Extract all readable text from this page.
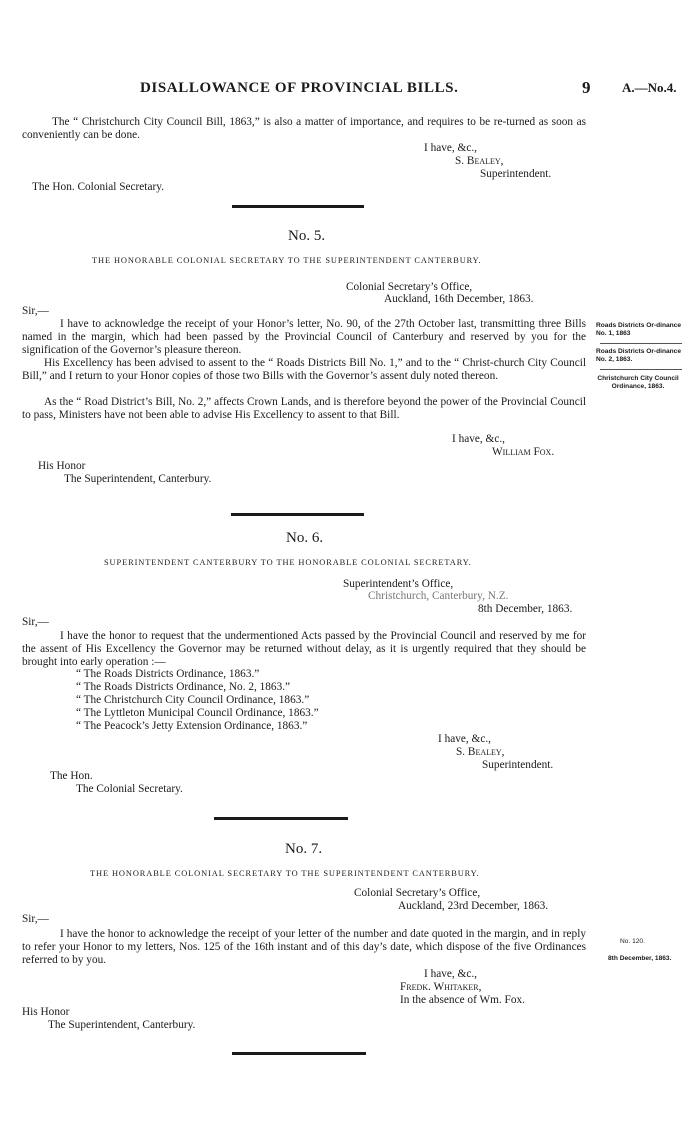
DISALLOWANCE OF PROVINCIAL BILLS.	9 A.—No.4.
The “ Christchurch City Council Bill, 1863,” is also a matter of importance, and requires to be re-turned as soon as conveniently can be done.
I have, &c.,
S. Bealey,
Superintendent.
The Hon. Colonial Secretary.
No. 5.
THE HONORABLE COLONIAL SECRETARY TO THE SUPERINTENDENT CANTERBURY.
Colonial Secretary’s Office,
Auckland, 16th December, 1863.
Sir,—
I have to acknowledge the receipt of your Honor’s letter, No. 90, of the 27th October last, transmitting three Bills named in the margin, which had been passed by the Provincial Council of Canterbury and reserved by you for the signification of the Governor’s pleasure thereon.
His Excellency has been advised to assent to the “ Roads Districts Bill No. 1,” and to the “ Christ-church City Council Bill,” and I return to your Honor copies of those two Bills with the Governor’s assent duly noted thereon.
As the “ Road District’s Bill, No. 2,” affects Crown Lands, and is therefore beyond the power of the Provincial Council to pass, Ministers have not been able to advise His Excellency to assent to that Bill.
I have, &c.,
William Fox.
His Honor
The Superintendent, Canterbury.
Roads Districts Or-dinance No. 1, 1863
Roads Districts Or-dinance No. 2, 1863.
Christchurch City Council Ordinance, 1863.
No. 6.
SUPERINTENDENT CANTERBURY TO THE HONORABLE COLONIAL SECRETARY.
Superintendent’s Office,
Christchurch, Canterbury, N.Z.
8th December, 1863.
Sir,—
I have the honor to request that the undermentioned Acts passed by the Provincial Council and reserved by me for the assent of His Excellency the Governor may be returned without delay, as it is urgently required that they should be brought into early operation :—
“ The Roads Districts Ordinance, 1863.”
“ The Roads Districts Ordinance, No. 2, 1863.”
“ The Christchurch City Council Ordinance, 1863.”
“ The Lyttleton Municipal Council Ordinance, 1863.”
“ The Peacock’s Jetty Extension Ordinance, 1863.”
I have, &c.,
S. Bealey,
Superintendent.
The Hon.
The Colonial Secretary.
No. 7.
THE HONORABLE COLONIAL SECRETARY TO THE SUPERINTENDENT CANTERBURY.
Colonial Secretary’s Office,
Auckland, 23rd December, 1863.
Sir,—
I have the honor to acknowledge the receipt of your letter of the number and date quoted in the margin, and in reply to refer your Honor to my letters, Nos. 125 of the 16th instant and of this day’s date, which dispose of the five Ordinances referred to by you.
I have, &c.,
Fredk. Whitaker,
In the absence of Wm. Fox.
His Honor
The Superintendent, Canterbury.
No. 120.
8th December, 1863.
